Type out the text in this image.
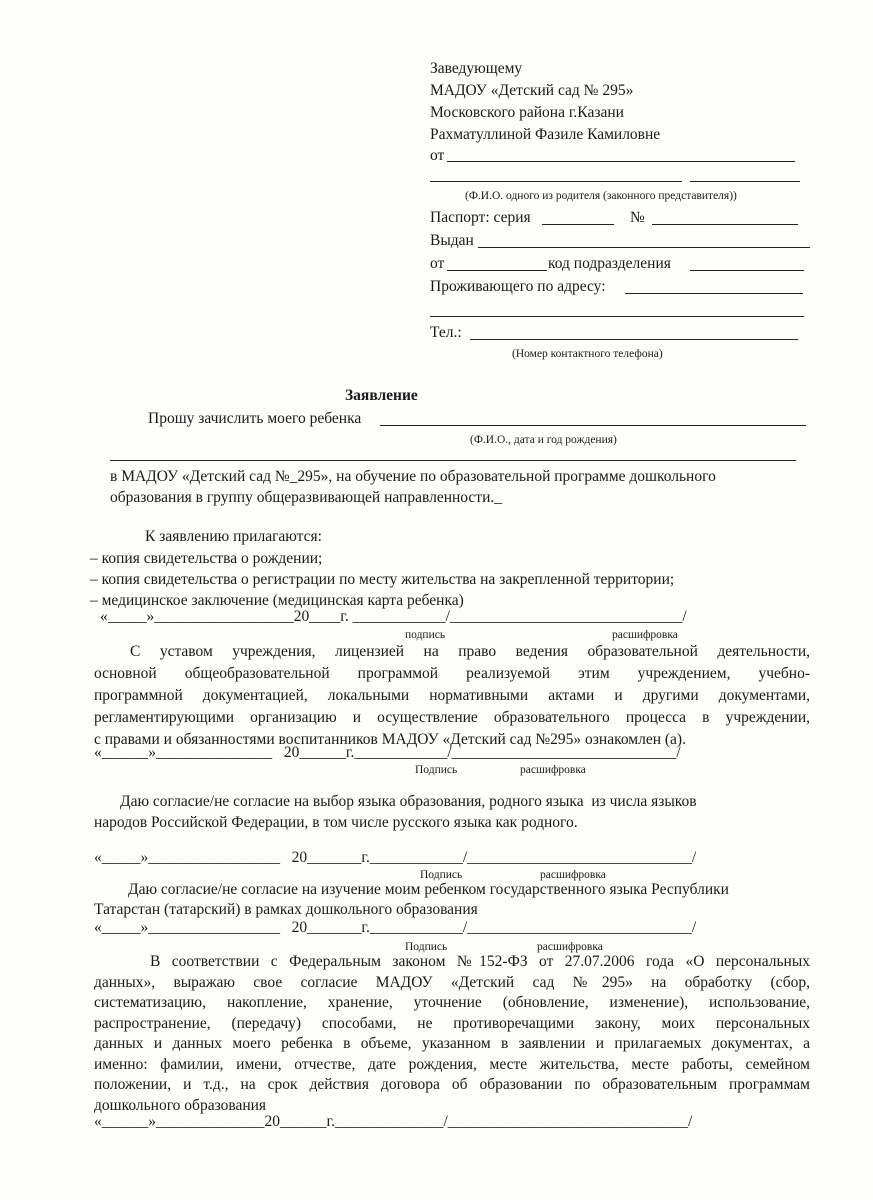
Заведующему
МАДОУ «Детский сад № 295»
Московского района г.Казани
Рахматуллиной Фазиле Камиловне
от
(Ф.И.О. одного из родителя (законного представителя))
Паспорт: серия	№
Выдан
от	код подразделения
Проживающего по адресу:
Тел.:
(Номер контактного телефона)
Заявление
Прошу зачислить моего ребенка
(Ф.И.О., дата и год рождения)
в МАДОУ «Детский сад №_295», на обучение по образовательной программе дошкольного
образования в группу общеразвивающей направленности._
К заявлению прилагаются:
– копия свидетельства о рождении;
– копия свидетельства о регистрации по месту жительства на закрепленной территории;
– медицинское заключение (медицинская карта ребенка)
«_____»__________________20____г. ____________/______________________________/
подпись	расшифровка
С уставом учреждения, лицензией на право ведения образовательной деятельности,
основной общеобразовательной программой реализуемой этим учреждением, учебно-
программной документацией, локальными нормативными актами и другими документами,
регламентирующими организацию и осуществление образовательного процесса в учреждении,
с правами и обязанностями воспитанников МАДОУ «Детский сад №295» ознакомлен (а).
«______»_______________   20______г.____________/_____________________________/
Подпись	расшифровка
Даю согласие/не согласие на выбор языка образования, родного языка  из числа языков
народов Российской Федерации, в том числе русского языка как родного.
«_____»_________________   20_______г.____________/_____________________________/
Подпись	расшифровка
Даю согласие/не согласие на изучение моим ребенком государственного языка Республики
Татарстан (татарский) в рамках дошкольного образования
«_____»_________________   20_______г.____________/_____________________________/
Подпись	расшифровка
В соответствии с Федеральным законом №152-ФЗ от 27.07.2006 года «О персональных
данных», выражаю свое согласие МАДОУ «Детский сад №295» на обработку (сбор,
систематизацию, накопление, хранение, уточнение (обновление, изменение), использование,
распространение, (передачу) способами, не противоречащими закону, моих персональных
данных и данных моего ребенка в объеме, указанном в заявлении и прилагаемых документах, а
именно: фамилии, имени, отчестве, дате рождения, месте жительства, месте работы, семейном
положении, и т.д., на срок действия договора об образовании по образовательным программам
дошкольного образования
«______»______________20______г.______________/_______________________________/
